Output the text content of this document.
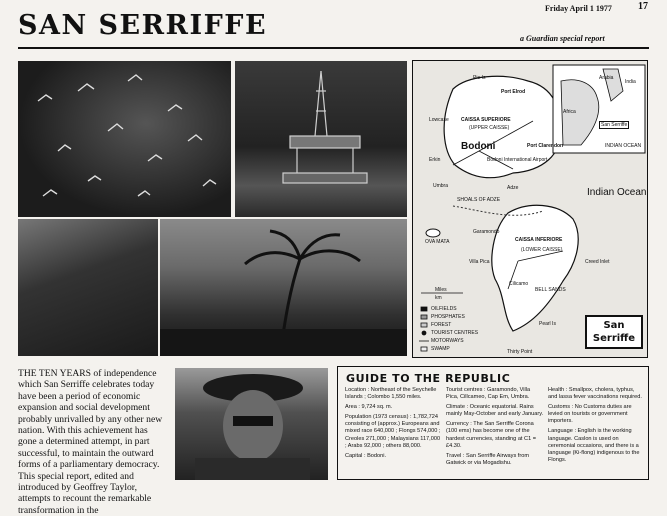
SAN SERRIFFE
Friday April 1 1977	17
a Guardian special report
Pie Is
Port Elrod
Lowcase CAISSA SUPERIORE
(UPPER CAISSE)
Bodoni
Bodoni International Airport
Port Clarendon
Erkin
Umbra	Adze
SHOALS OF ADZE
OVA MATA
Garamondo
CAISSA INFERIORE
(LOWER CAISSE)
Villa Pica	Creed Inlet
Cilicamo
BELL SANDS
Pearl Is
Thirty Point
Indian Ocean
Africa
Arabia
India
San Serriffe
INDIAN OCEAN
Miles
km
OILFIELDS
PHOSPHATES
FOREST
TOURIST CENTRES
MOTORWAYS
SWAMP
San
Serriffe
THE TEN YEARS of independence which San Serriffe celebrates today have been a period of economic expansion and social development probably unrivalled by any other new nation. With this achievement has gone a determined attempt, in part successful, to maintain the outward forms of a parliamentary democracy. This special report, edited and introduced by Geoffrey Taylor, attempts to recount the remarkable transformation in the
GUIDE TO THE REPUBLIC

Location : Northeast of the Seychelle Islands ; Colombo 1,550 miles.

Area : 9,724 sq. m.

Population (1973 census) : 1,782,724 consisting of (approx.) Europeans and mixed race 640,000 ; Flongs 574,000 ; Creoles 271,000 ; Malaysians 117,000 ; Arabs 92,000 ; others 88,000.

Capital : Bodoni.

Tourist centres : Garamondo, Villa Pica, Cillcameo, Cap Em, Umbra.

Climate : Oceanic equatorial. Rains mainly May-October and early January.

Currency : The San Serriffe Corona (100 ems) has become one of the hardest currencies, standing at C1 = £4.30.

Travel : San Serriffe Airways from Gatwick or via Mogadishu.

Health : Smallpox, cholera, typhus, and lassa fever vaccinations required.

Customs : No Customs duties are levied on tourists or government importers.

Language : English is the working language. Caslon is used on ceremonial occasions, and there is a language (Ki-flong) indigenous to the Flongs.
